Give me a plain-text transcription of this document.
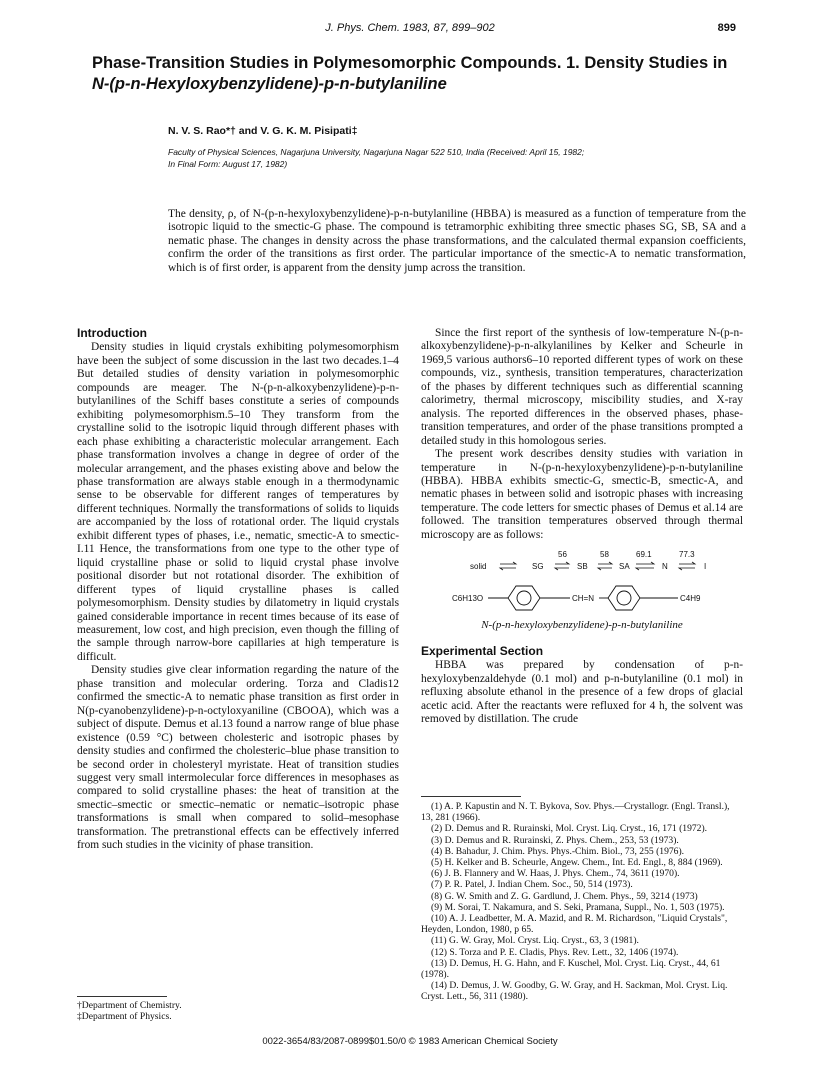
J. Phys. Chem. 1983, 87, 899–902	899
Phase-Transition Studies in Polymesomorphic Compounds. 1. Density Studies in
N-(p-n-Hexyloxybenzylidene)-p-n-butylaniline
N. V. S. Rao*† and V. G. K. M. Pisipati‡
Faculty of Physical Sciences, Nagarjuna University, Nagarjuna Nagar 522 510, India (Received: April 15, 1982;
In Final Form: August 17, 1982)
The density, ρ, of N-(p-n-hexyloxybenzylidene)-p-n-butylaniline (HBBA) is measured as a function of temperature from the isotropic liquid to the smectic-G phase. The compound is tetramorphic exhibiting three smectic phases SG, SB, SA and a nematic phase. The changes in density across the phase transformations, and the calculated thermal expansion coefficients, confirm the order of the transitions as first order. The particular importance of the smectic-A to nematic transformation, which is of first order, is apparent from the density jump across the transition.
Introduction

Density studies in liquid crystals exhibiting polymesomorphism have been the subject of some discussion in the last two decades.1–4 But detailed studies of density variation in polymesomorphic compounds are meager. The N-(p-n-alkoxybenzylidene)-p-n-butylanilines of the Schiff bases constitute a series of compounds exhibiting polymesomorphism.5–10 They transform from the crystalline solid to the isotropic liquid through different phases with each phase exhibiting a characteristic molecular arrangement. Each phase transformation involves a change in degree of order of the molecular arrangement, and the phases existing above and below the phase transformation are always stable enough in a thermodynamic sense to be observable for different ranges of temperatures by different techniques. Normally the transformations of solids to liquids are accompanied by the loss of rotational order. The liquid crystals exhibit different types of phases, i.e., nematic, smectic-A to smectic-I.11 Hence, the transformations from one type to the other type of liquid crystalline phase or solid to liquid crystal phase involve positional disorder but not rotational disorder. The exhibition of different types of liquid crystalline phases is called polymesomorphism. Density studies by dilatometry in liquid crystals gained considerable importance in recent times because of its ease of measurement, low cost, and high precision, even though the filling of the sample through narrow-bore capillaries at high temperature is difficult.

Density studies give clear information regarding the nature of the phase transition and molecular ordering. Torza and Cladis12 confirmed the smectic-A to nematic phase transition as first order in N(p-cyanobenzylidene)-p-n-octyloxyaniline (CBOOA), which was a subject of dispute. Demus et al.13 found a narrow range of blue phase existence (0.59 °C) between cholesteric and isotropic phases by density studies and confirmed the cholesteric–blue phase transition to be second order in cholesteryl myristate. Heat of transition studies suggest very small intermolecular force differences in mesophases as compared to solid crystalline phases: the heat of transition at the smectic–smectic or smectic–nematic or nematic–isotropic phase transformations is small when compared to solid–mesophase transformation. The pretranstional effects can be effectively inferred from such studies in the vicinity of phase transition.

†Department of Chemistry.
‡Department of Physics.

Since the first report of the synthesis of low-temperature N-(p-n-alkoxybenzylidene)-p-n-alkylanilines by Kelker and Scheurle in 1969,5 various authors6–10 reported different types of work on these compounds, viz., synthesis, transition temperatures, characterization of the phases by different techniques such as differential scanning calorimetry, thermal microscopy, miscibility studies, and X-ray analysis. The reported differences in the observed phases, phase-transition temperatures, and order of the phase transitions prompted a detailed study in this homologous series.

The present work describes density studies with variation in temperature in N-(p-n-hexyloxybenzylidene)-p-n-butylaniline (HBBA). HBBA exhibits smectic-G, smectic-B, smectic-A, and nematic phases in between solid and isotropic phases with increasing temperature. The code letters for smectic phases of Demus et al.14 are followed. The transition temperatures observed through thermal microscopy are as follows:

solid	SG	SB	SA	N	I
56	58	69.1	77.3
C6H13O	CH=N	C4H9
N-(p-n-hexyloxybenzylidene)-p-n-butylaniline
Experimental Section

HBBA was prepared by condensation of p-n-hexyloxybenzaldehyde (0.1 mol) and p-n-butylaniline (0.1 mol) in refluxing absolute ethanol in the presence of a few drops of glacial acetic acid. After the reactants were refluxed for 4 h, the solvent was removed by distillation. The crude

(1) A. P. Kapustin and N. T. Bykova, Sov. Phys.—Crystallogr. (Engl. Transl.), 13, 281 (1966).
(2) D. Demus and R. Rurainski, Mol. Cryst. Liq. Cryst., 16, 171 (1972).
(3) D. Demus and R. Rurainski, Z. Phys. Chem., 253, 53 (1973).
(4) B. Bahadur, J. Chim. Phys. Phys.-Chim. Biol., 73, 255 (1976).
(5) H. Kelker and B. Scheurle, Angew. Chem., Int. Ed. Engl., 8, 884 (1969).
(6) J. B. Flannery and W. Haas, J. Phys. Chem., 74, 3611 (1970).
(7) P. R. Patel, J. Indian Chem. Soc., 50, 514 (1973).
(8) G. W. Smith and Z. G. Gardlund, J. Chem. Phys., 59, 3214 (1973)
(9) M. Sorai, T. Nakamura, and S. Seki, Pramana, Suppl., No. 1, 503 (1975).
(10) A. J. Leadbetter, M. A. Mazid, and R. M. Richardson, "Liquid Crystals", Heyden, London, 1980, p 65.
(11) G. W. Gray, Mol. Cryst. Liq. Cryst., 63, 3 (1981).
(12) S. Torza and P. E. Cladis, Phys. Rev. Lett., 32, 1406 (1974).
(13) D. Demus, H. G. Hahn, and F. Kuschel, Mol. Cryst. Liq. Cryst., 44, 61 (1978).
(14) D. Demus, J. W. Goodby, G. W. Gray, and H. Sackman, Mol. Cryst. Liq. Cryst. Lett., 56, 311 (1980).
0022-3654/83/2087-0899$01.50/0 © 1983 American Chemical Society
